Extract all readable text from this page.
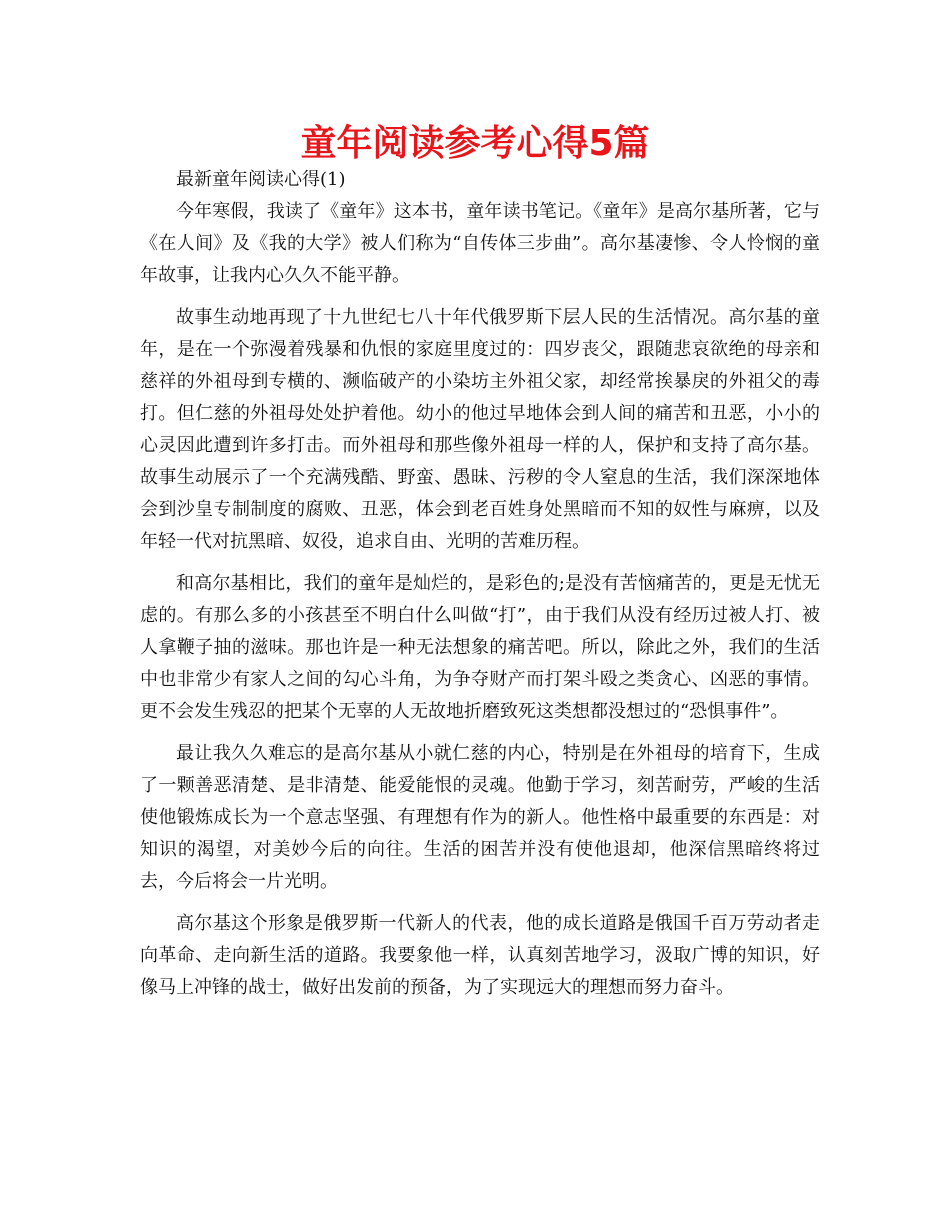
童年阅读参考心得5篇

最新童年阅读心得(1)

今年寒假，我读了《童年》这本书，童年读书笔记。《童年》是高尔基所著，它与《在人间》及《我的大学》被人们称为“自传体三步曲”。高尔基凄惨、令人怜悯的童年故事，让我内心久久不能平静。

故事生动地再现了十九世纪七八十年代俄罗斯下层人民的生活情况。高尔基的童年，是在一个弥漫着残暴和仇恨的家庭里度过的：四岁丧父，跟随悲哀欲绝的母亲和慈祥的外祖母到专横的、濒临破产的小染坊主外祖父家，却经常挨暴戾的外祖父的毒打。但仁慈的外祖母处处护着他。幼小的他过早地体会到人间的痛苦和丑恶，小小的心灵因此遭到许多打击。而外祖母和那些像外祖母一样的人，保护和支持了高尔基。故事生动展示了一个充满残酷、野蛮、愚昧、污秽的令人窒息的生活，我们深深地体会到沙皇专制制度的腐败、丑恶，体会到老百姓身处黑暗而不知的奴性与麻痹，以及年轻一代对抗黑暗、奴役，追求自由、光明的苦难历程。

和高尔基相比，我们的童年是灿烂的，是彩色的;是没有苦恼痛苦的，更是无忧无虑的。有那么多的小孩甚至不明白什么叫做“打”，由于我们从没有经历过被人打、被人拿鞭子抽的滋味。那也许是一种无法想象的痛苦吧。所以，除此之外，我们的生活中也非常少有家人之间的勾心斗角，为争夺财产而打架斗殴之类贪心、凶恶的事情。更不会发生残忍的把某个无辜的人无故地折磨致死这类想都没想过的“恐惧事件”。

最让我久久难忘的是高尔基从小就仁慈的内心，特别是在外祖母的培育下，生成了一颗善恶清楚、是非清楚、能爱能恨的灵魂。他勤于学习，刻苦耐劳，严峻的生活使他锻炼成长为一个意志坚强、有理想有作为的新人。他性格中最重要的东西是：对知识的渴望，对美妙今后的向往。生活的困苦并没有使他退却，他深信黑暗终将过去，今后将会一片光明。

高尔基这个形象是俄罗斯一代新人的代表，他的成长道路是俄国千百万劳动者走向革命、走向新生活的道路。我要象他一样，认真刻苦地学习，汲取广博的知识，好像马上冲锋的战士，做好出发前的预备，为了实现远大的理想而努力奋斗。
